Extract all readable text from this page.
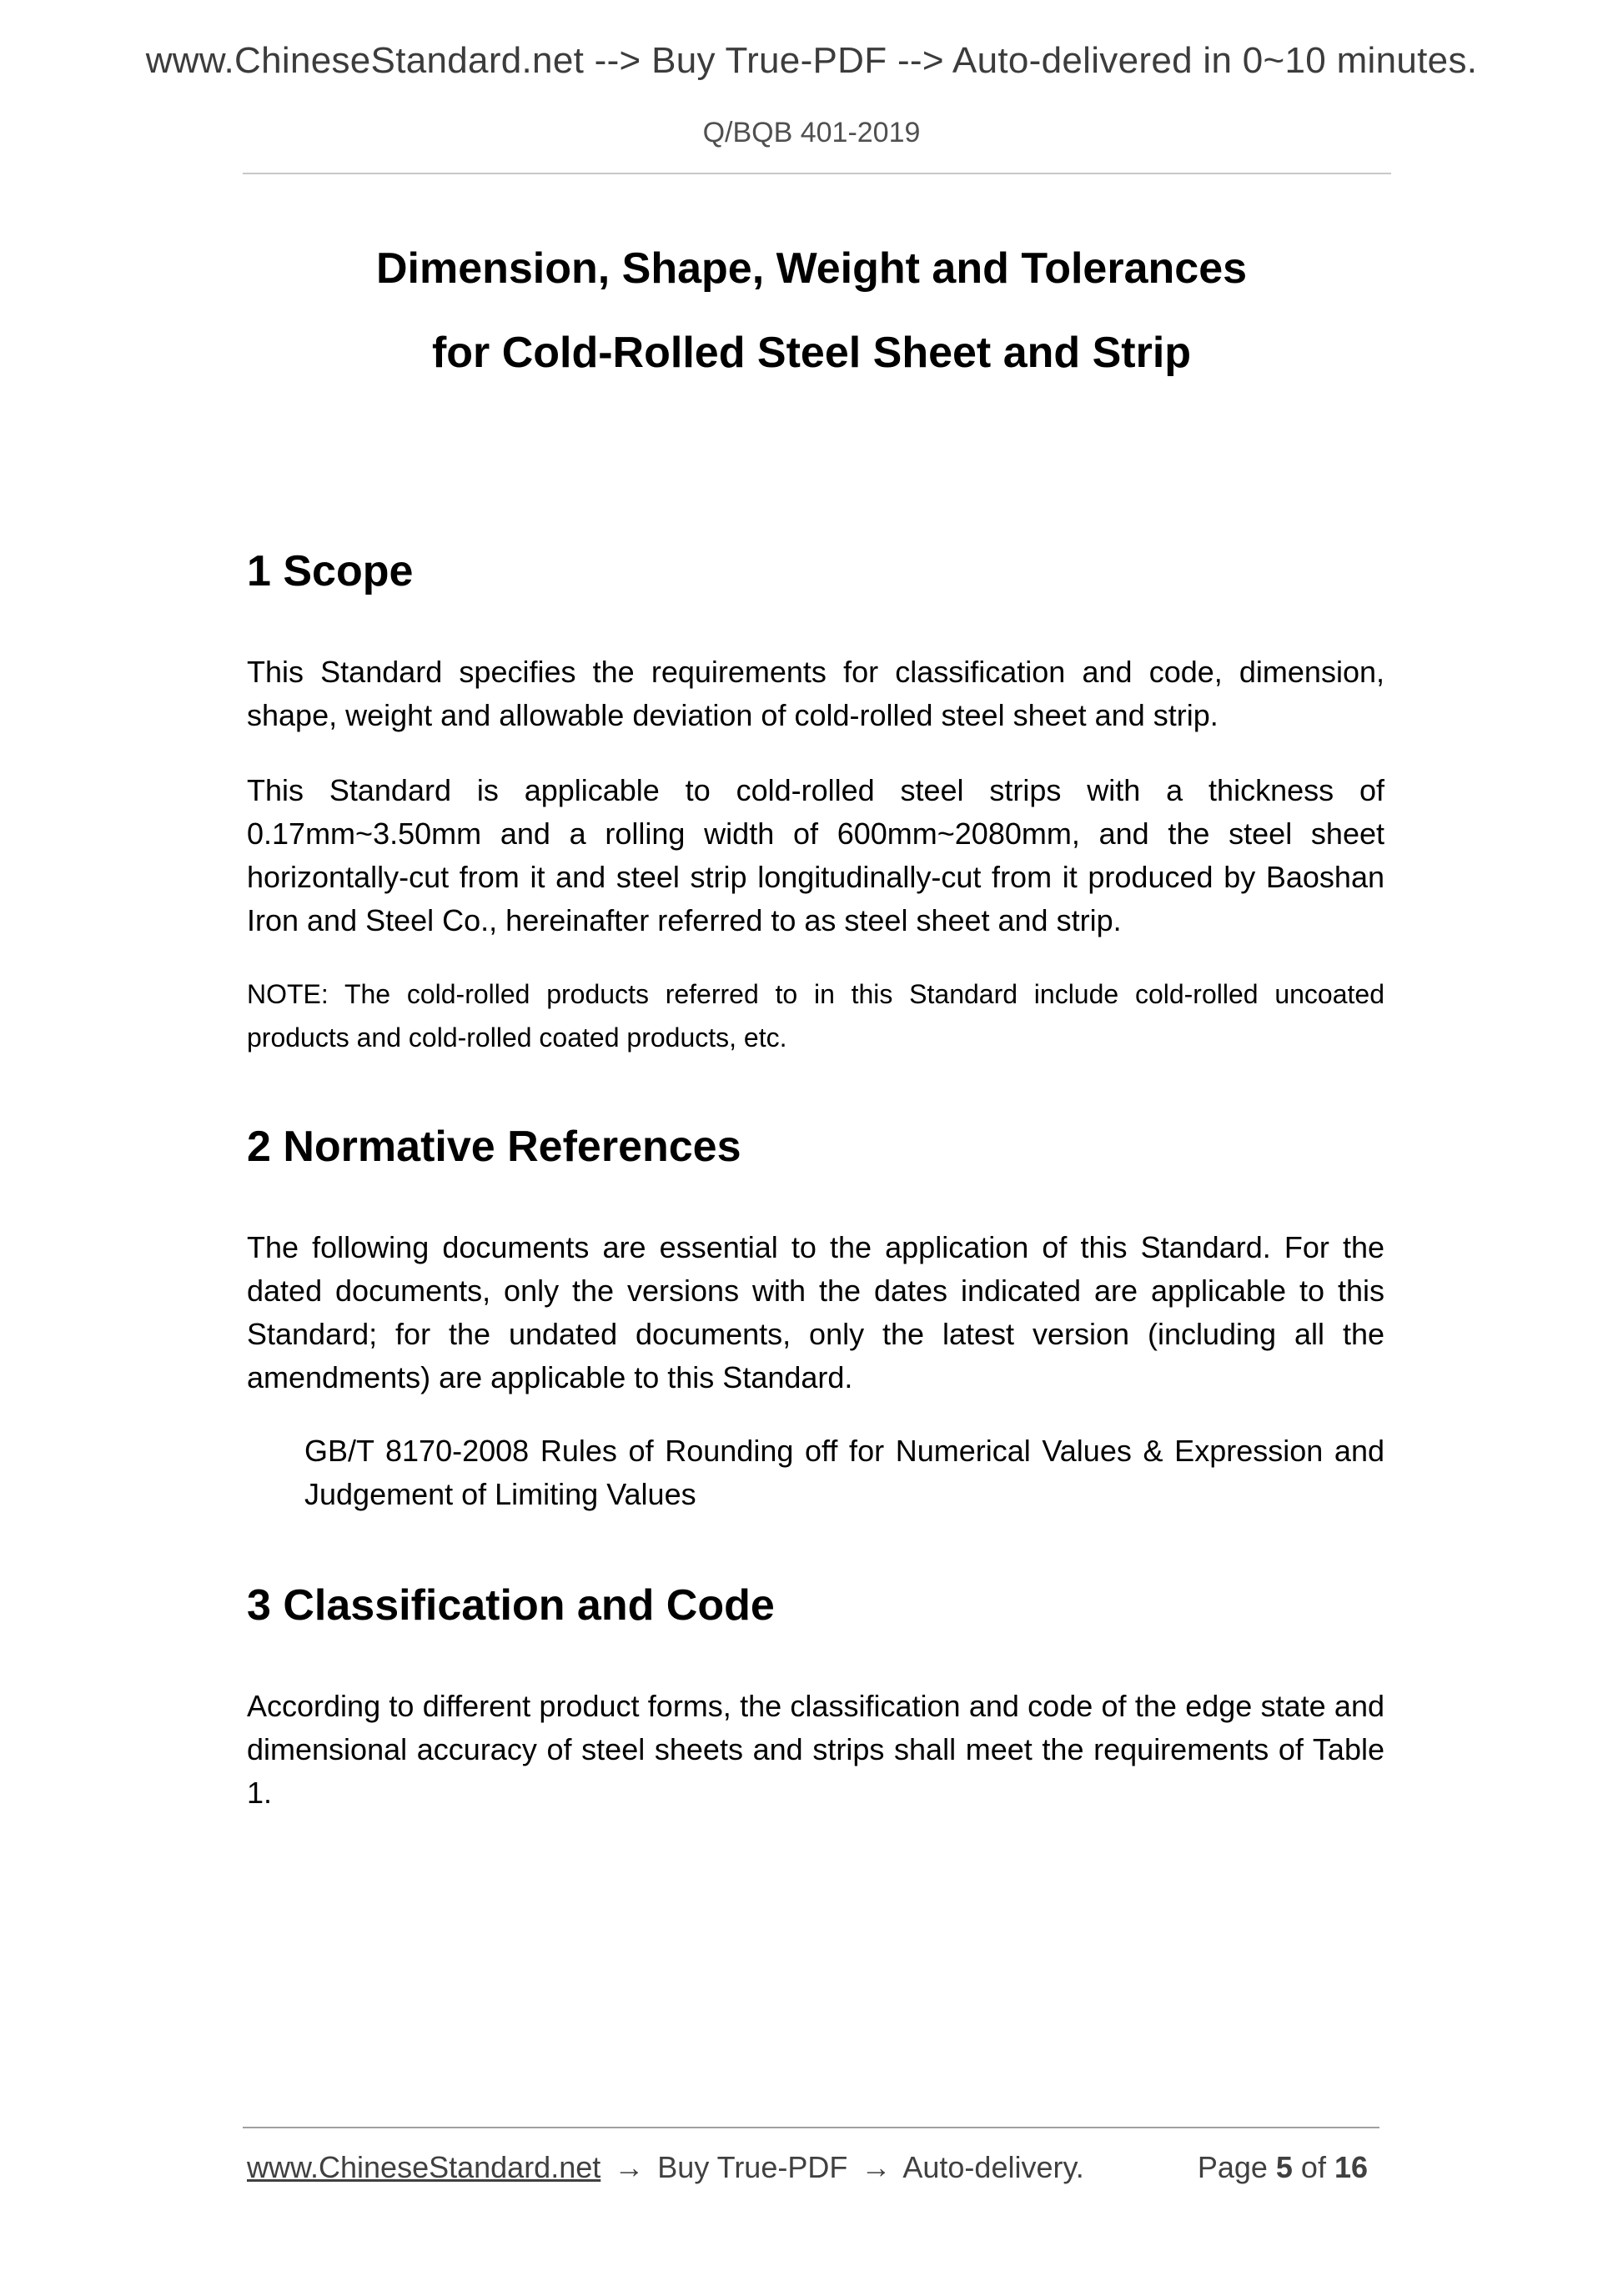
www.ChineseStandard.net --> Buy True-PDF --> Auto-delivered in 0~10 minutes.
Q/BQB 401-2019
Dimension, Shape, Weight and Tolerances
for Cold-Rolled Steel Sheet and Strip
1 Scope
This Standard specifies the requirements for classification and code, dimension, shape, weight and allowable deviation of cold-rolled steel sheet and strip.
This Standard is applicable to cold-rolled steel strips with a thickness of 0.17mm~3.50mm and a rolling width of 600mm~2080mm, and the steel sheet horizontally-cut from it and steel strip longitudinally-cut from it produced by Baoshan Iron and Steel Co., hereinafter referred to as steel sheet and strip.
NOTE: The cold-rolled products referred to in this Standard include cold-rolled uncoated products and cold-rolled coated products, etc.
2 Normative References
The following documents are essential to the application of this Standard. For the dated documents, only the versions with the dates indicated are applicable to this Standard; for the undated documents, only the latest version (including all the amendments) are applicable to this Standard.
GB/T 8170-2008 Rules of Rounding off for Numerical Values & Expression and Judgement of Limiting Values
3 Classification and Code
According to different product forms, the classification and code of the edge state and dimensional accuracy of steel sheets and strips shall meet the requirements of Table 1.
www.ChineseStandard.net → Buy True-PDF → Auto-delivery.	Page 5 of 16
